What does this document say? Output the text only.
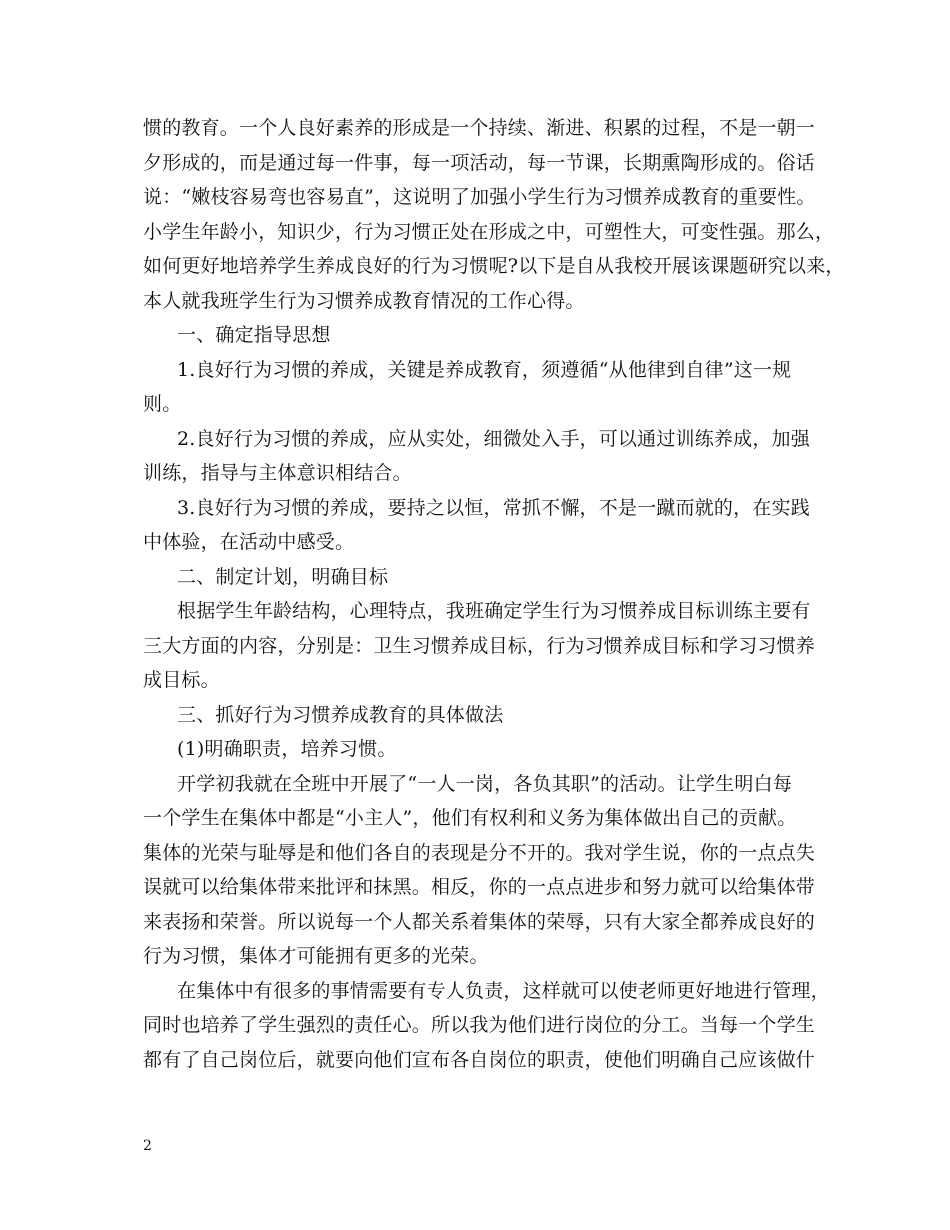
惯的教育。一个人良好素养的形成是一个持续、渐进、积累的过程，不是一朝一
夕形成的，而是通过每一件事，每一项活动，每一节课，长期熏陶形成的。俗话
说：“嫩枝容易弯也容易直”，这说明了加强小学生行为习惯养成教育的重要性。
小学生年龄小，知识少，行为习惯正处在形成之中，可塑性大，可变性强。那么，
如何更好地培养学生养成良好的行为习惯呢?以下是自从我校开展该课题研究以来，
本人就我班学生行为习惯养成教育情况的工作心得。
一、确定指导思想
1.良好行为习惯的养成，关键是养成教育，须遵循“从他律到自律”这一规
则。
2.良好行为习惯的养成，应从实处，细微处入手，可以通过训练养成，加强
训练，指导与主体意识相结合。
3.良好行为习惯的养成，要持之以恒，常抓不懈，不是一蹴而就的，在实践
中体验，在活动中感受。
二、制定计划，明确目标
根据学生年龄结构，心理特点，我班确定学生行为习惯养成目标训练主要有
三大方面的内容，分别是：卫生习惯养成目标，行为习惯养成目标和学习习惯养
成目标。
三、抓好行为习惯养成教育的具体做法
(1)明确职责，培养习惯。
开学初我就在全班中开展了“一人一岗，各负其职”的活动。让学生明白每
一个学生在集体中都是“小主人”，他们有权利和义务为集体做出自己的贡献。
集体的光荣与耻辱是和他们各自的表现是分不开的。我对学生说，你的一点点失
误就可以给集体带来批评和抹黑。相反，你的一点点进步和努力就可以给集体带
来表扬和荣誉。所以说每一个人都关系着集体的荣辱，只有大家全都养成良好的
行为习惯，集体才可能拥有更多的光荣。
在集体中有很多的事情需要有专人负责，这样就可以使老师更好地进行管理，
同时也培养了学生强烈的责任心。所以我为他们进行岗位的分工。当每一个学生
都有了自己岗位后，就要向他们宣布各自岗位的职责，使他们明确自己应该做什
2
